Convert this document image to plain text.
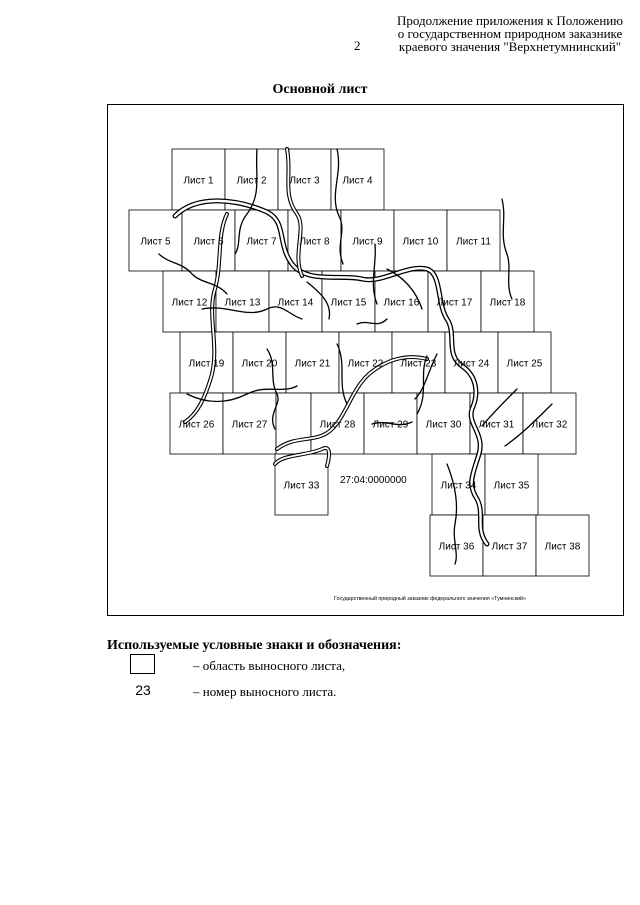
2
Продолжение приложения к Положению
о государственном природном заказнике
краевого значения "Верхнетумнинский"
Основной лист
Лист 1 Лист 2 Лист 3 Лист 4
Лист 5 Лист 6 Лист 7 Лист 8 Лист 9 Лист 10 Лист 11
Лист 12 Лист 13 Лист 14 Лист 15 Лист 16 Лист 17 Лист 18
Лист 19 Лист 20 Лист 21 Лист 22 Лист 23 Лист 24 Лист 25
Лист 26 Лист 27	Лист 28 Лист 29 Лист 30 Лист 31 Лист 32
Лист 33	Лист 34 Лист 35
Лист 36 Лист 37 Лист 38
27:04:0000000
Государственный природный заказник федерального значения «Тумнинский»
Используемые условные знаки и обозначения:
– область выносного листа,
23	– номер выносного листа.
